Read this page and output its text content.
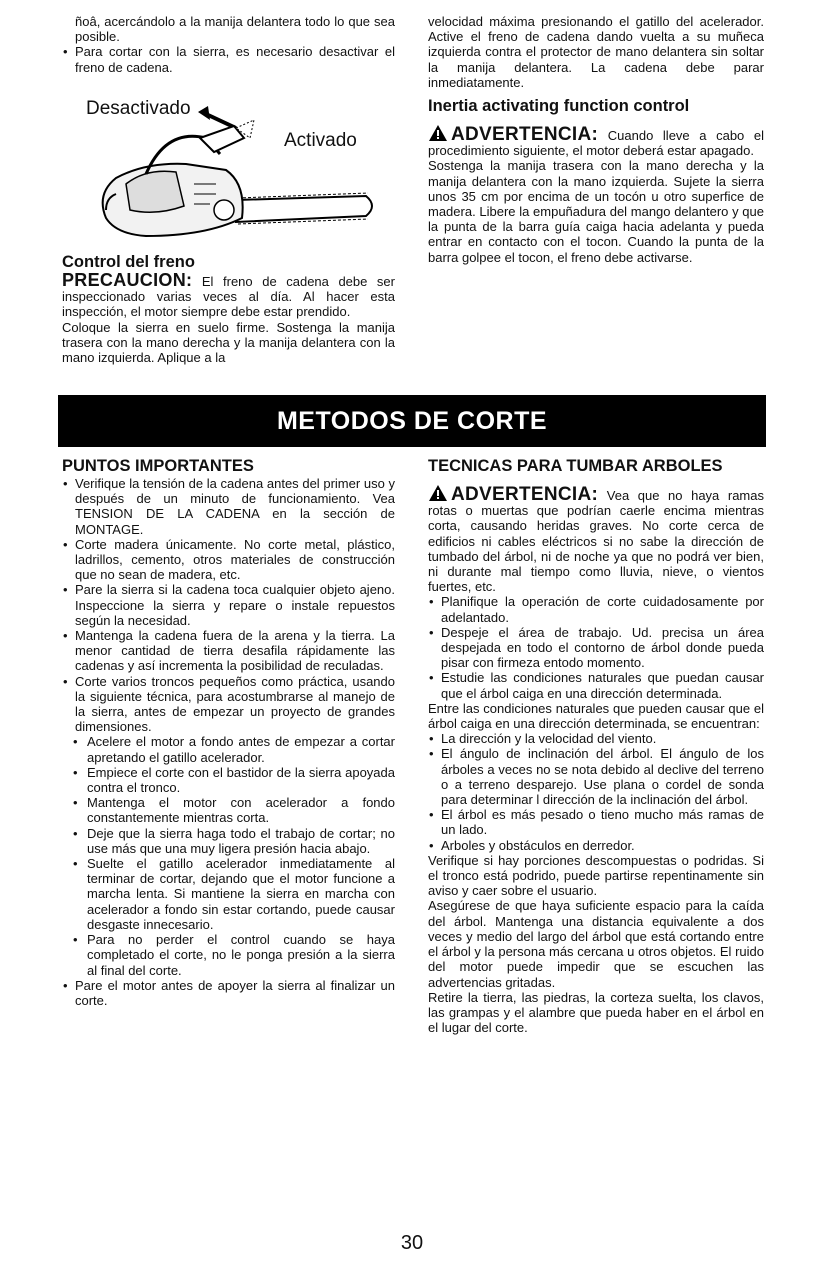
ñoâ, acercándolo a la manija delantera todo lo que sea posible.

• Para cortar con la sierra, es necesario desactivar el freno de cadena.

Desactivado
Activado

Control del freno

PRECAUCION: El freno de cadena debe ser inspeccionado varias veces al día. Al hacer esta inspección, el motor siempre debe estar prendido.

Coloque la sierra en suelo firme. Sostenga la manija trasera con la mano derecha y la manija delantera con la mano izquierda. Aplique a la

velocidad máxima presionando el gatillo del acelerador. Active el freno de cadena dando vuelta a su muñeca izquierda contra el protector de mano delantera sin soltar la manija delantera. La cadena debe parar inmediatamente.

Inertia activating function control

ADVERTENCIA: Cuando lleve a cabo el procedimiento siguiente, el motor deberá estar apagado.

Sostenga la manija trasera con la mano derecha y la manija delantera con la mano izquierda. Sujete la sierra unos 35 cm por encima de un tocón u otro superfice de madera. Libere la empuñadura del mango delantero y que la punta de la barra guía caiga hacia adelanta y pueda entrar en contacto con el tocon. Cuando la punta de la barra golpee el tocon, el freno debe activarse.

METODOS DE CORTE

PUNTOS IMPORTANTES

• Verifique la tensión de la cadena antes del primer uso y después de un minuto de funcionamiento. Vea TENSION DE LA CADENA en la sección de MONTAGE.

• Corte madera únicamente. No corte metal, plástico, ladrillos, cemento, otros materiales de construcción que no sean de madera, etc.

• Pare la sierra si la cadena toca cualquier objeto ajeno. Inspeccione la sierra y repare o instale repuestos según la necesidad.

• Mantenga la cadena fuera de la arena y la tierra. La menor cantidad de tierra desafila rápidamente las cadenas y así incrementa la posibilidad de reculadas.

• Corte varios troncos pequeños como práctica, usando la siguiente técnica, para acostumbrarse al manejo de la sierra, antes de empezar un proyecto de grandes dimensiones.

• Acelere el motor a fondo antes de empezar a cortar apretando el gatillo acelerador.

• Empiece el corte con el bastidor de la sierra apoyada contra el tronco.

• Mantenga el motor con acelerador a fondo constantemente mientras corta.

• Deje que la sierra haga todo el trabajo de cortar; no use más que una muy ligera presión hacia abajo.

• Suelte el gatillo acelerador inmediatamente al terminar de cortar, dejando que el motor funcione a marcha lenta. Si mantiene la sierra en marcha con acelerador a fondo sin estar cortando, puede causar desgaste innecesario.

• Para no perder el control cuando se haya completado el corte, no le ponga presión a la sierra al final del corte.

• Pare el motor antes de apoyer la sierra al finalizar un corte.

TECNICAS PARA TUMBAR ARBOLES

ADVERTENCIA: Vea que no haya ramas rotas o muertas que podrían caerle encima mientras corta, causando heridas graves. No corte cerca de edificios ni cables eléctricos si no sabe la dirección de tumbado del árbol, ni de noche ya que no podrá ver bien, ni durante mal tiempo como lluvia, nieve, o vientos fuertes, etc.

• Planifique la operación de corte cuidadosamente por adelantado.

• Despeje el área de trabajo. Ud. precisa un área despejada en todo el contorno de árbol donde pueda pisar con firmeza entodo momento.

• Estudie las condiciones naturales que puedan causar que el árbol caiga en una dirección determinada.

Entre las condiciones naturales que pueden causar que el árbol caiga en una dirección determinada, se encuentran:

• La dirección y la velocidad del viento.

• El ángulo de inclinación del árbol. El ángulo de los árboles a veces no se nota debido al declive del terreno o a terreno desparejo. Use plana o cordel de sonda para determinar l dirección de la inclinación del árbol.

• El árbol es más pesado o tieno mucho más ramas de un lado.

• Arboles y obstáculos en derredor.

Verifique si hay porciones descompuestas o podridas. Si el tronco está podrido, puede partirse repentinamente sin aviso y caer sobre el usuario.

Asegúrese de que haya suficiente espacio para la caída del árbol. Mantenga una distancia equivalente a dos veces y medio del largo del árbol que está cortando entre el árbol y la persona más cercana u otros objetos. El ruido del motor puede impedir que se escuchen las advertencias gritadas.

Retire la tierra, las piedras, la corteza suelta, los clavos, las grampas y el alambre que pueda haber en el árbol en el lugar del corte.

30
